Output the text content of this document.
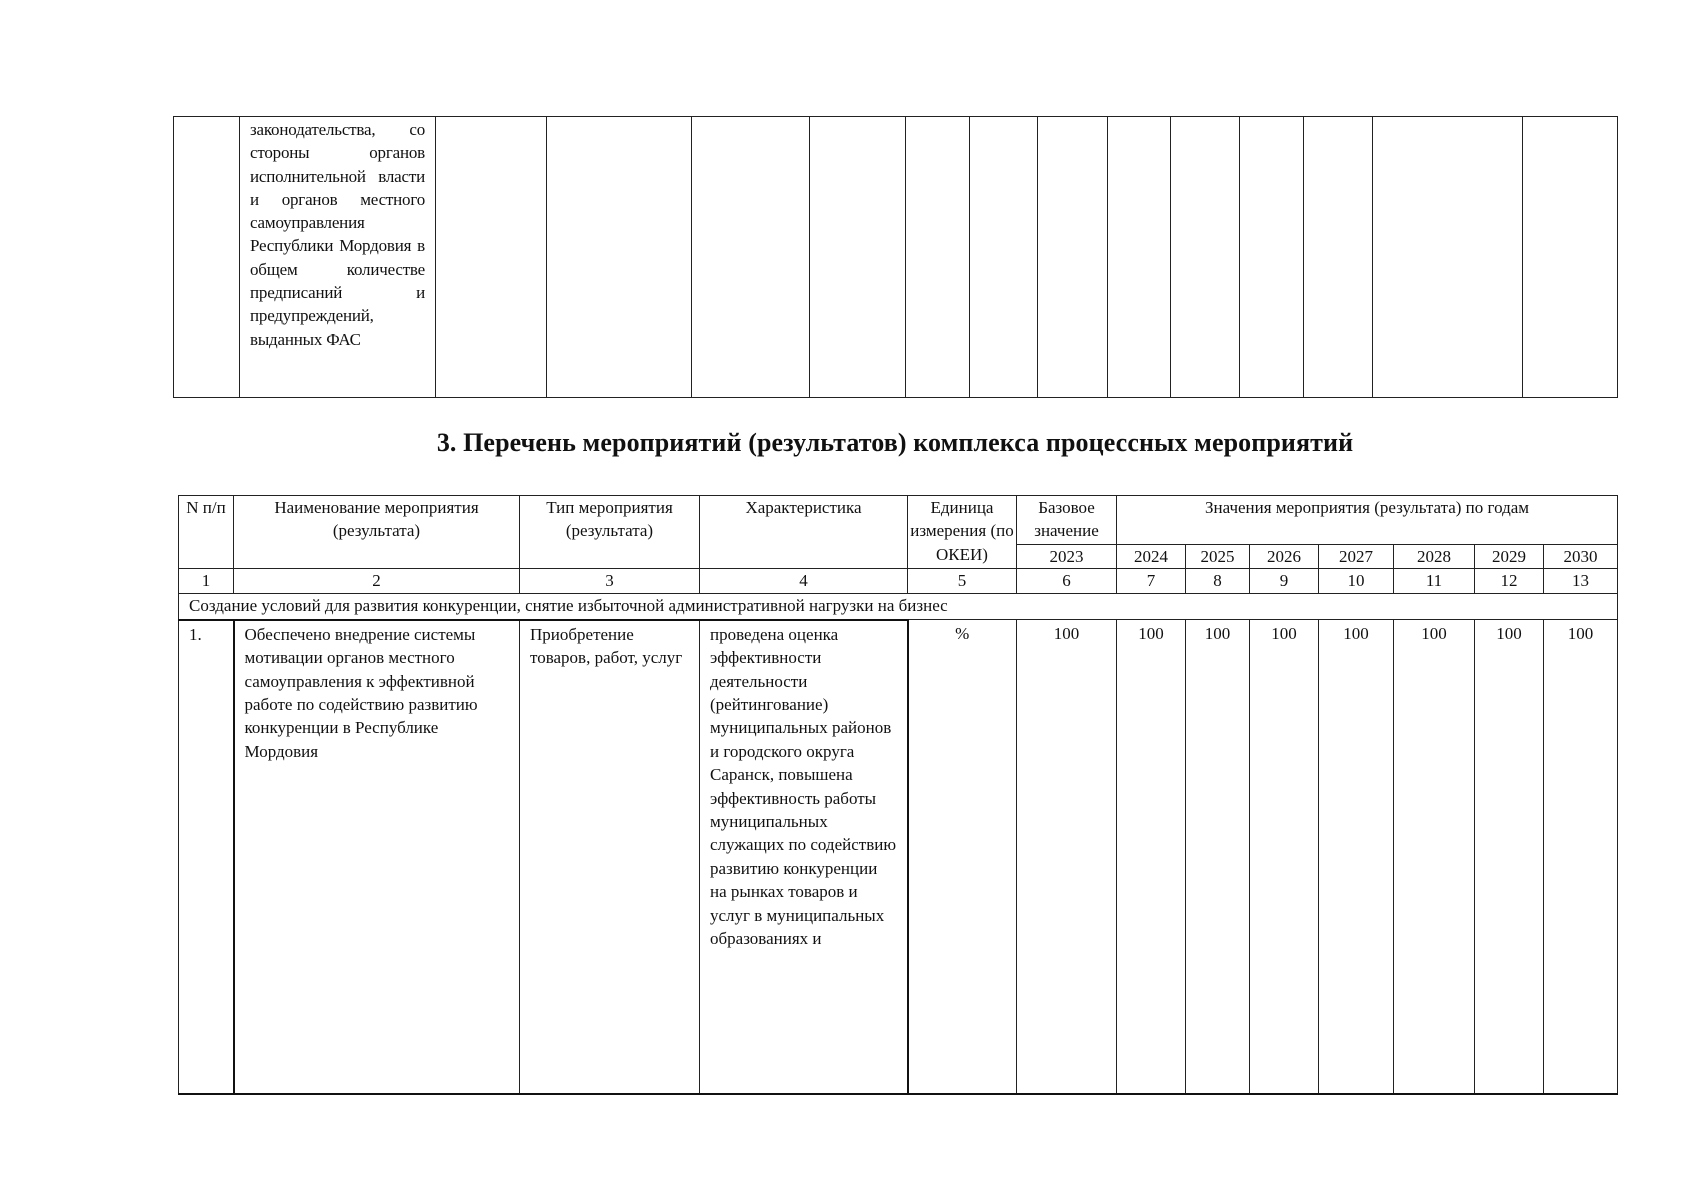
законодательства, со стороны органов исполнительной власти и органов местного самоуправления Республики Мордовия в общем количестве предписаний и предупреждений, выданных ФАС

3. Перечень мероприятий (результатов) комплекса процессных мероприятий
N п/п	Наименование мероприятия (результата)	Тип мероприятия (результата)	Характеристика	Единица измерения (по ОКЕИ)	Базовое значение	Значения мероприятия (результата) по годам						
					2023	2024	2025	2026	2027	2028	2029	2030
1	2	3	4	5	6	7	8	9	10	11	12	13
Создание условий для развития конкуренции, снятие избыточной административной нагрузки на бизнес												
1.	Обеспечено внедрение системы мотивации органов местного самоуправления к эффективной работе по содействию развитию конкуренции в Республике Мордовия	Приобретение товаров, работ, услуг	проведена оценка эффективности деятельности (рейтингование) муниципальных районов и городского округа Саранск, повышена эффективность работы муниципальных служащих по содействию развитию конкуренции на рынках товаров и услуг в муниципальных образованиях и	%	100	100	100	100	100	100	100	100
